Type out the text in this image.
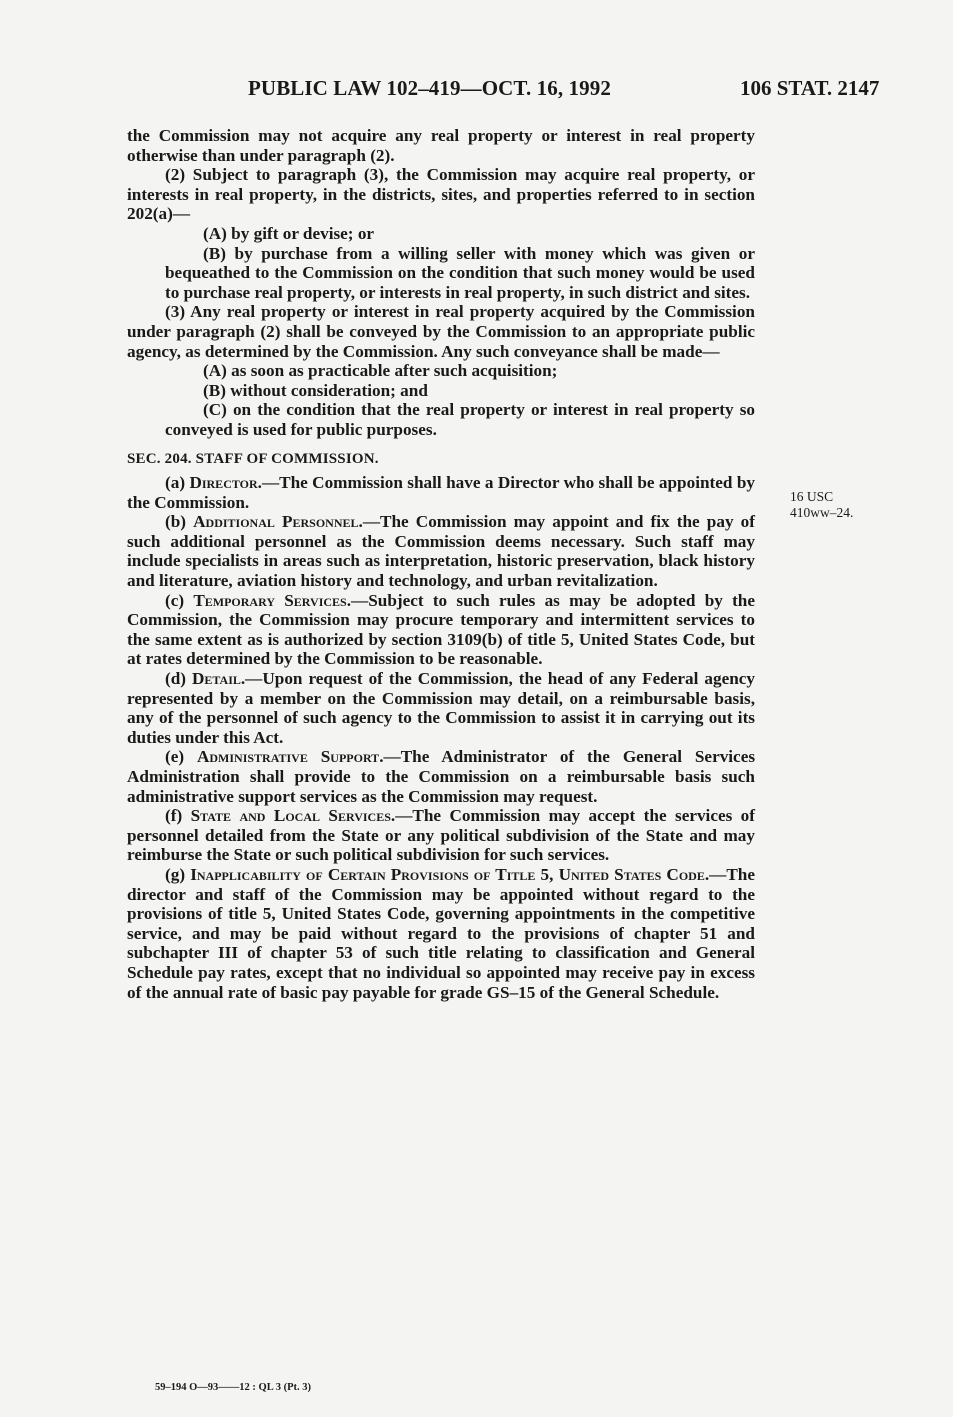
PUBLIC LAW 102–419—OCT. 16, 1992	106 STAT. 2147

the Commission may not acquire any real property or interest in real property otherwise than under paragraph (2).

(2) Subject to paragraph (3), the Commission may acquire real property, or interests in real property, in the districts, sites, and properties referred to in section 202(a)—

(A) by gift or devise; or

(B) by purchase from a willing seller with money which was given or bequeathed to the Commission on the condition that such money would be used to purchase real property, or interests in real property, in such district and sites.

(3) Any real property or interest in real property acquired by the Commission under paragraph (2) shall be conveyed by the Commission to an appropriate public agency, as determined by the Commission. Any such conveyance shall be made—

(A) as soon as practicable after such acquisition;

(B) without consideration; and

(C) on the condition that the real property or interest in real property so conveyed is used for public purposes.

SEC. 204. STAFF OF COMMISSION.

(a) Director.—The Commission shall have a Director who shall be appointed by the Commission.

(b) Additional Personnel.—The Commission may appoint and fix the pay of such additional personnel as the Commission deems necessary. Such staff may include specialists in areas such as interpretation, historic preservation, black history and literature, aviation history and technology, and urban revitalization.

(c) Temporary Services.—Subject to such rules as may be adopted by the Commission, the Commission may procure temporary and intermittent services to the same extent as is authorized by section 3109(b) of title 5, United States Code, but at rates determined by the Commission to be reasonable.

(d) Detail.—Upon request of the Commission, the head of any Federal agency represented by a member on the Commission may detail, on a reimbursable basis, any of the personnel of such agency to the Commission to assist it in carrying out its duties under this Act.

(e) Administrative Support.—The Administrator of the General Services Administration shall provide to the Commission on a reimbursable basis such administrative support services as the Commission may request.

(f) State and Local Services.—The Commission may accept the services of personnel detailed from the State or any political subdivision of the State and may reimburse the State or such political subdivision for such services.

(g) Inapplicability of Certain Provisions of Title 5, United States Code.—The director and staff of the Commission may be appointed without regard to the provisions of title 5, United States Code, governing appointments in the competitive service, and may be paid without regard to the provisions of chapter 51 and subchapter III of chapter 53 of such title relating to classification and General Schedule pay rates, except that no individual so appointed may receive pay in excess of the annual rate of basic pay payable for grade GS–15 of the General Schedule.

16 USC
410ww–24.
59–194 O—93——12 : QL 3 (Pt. 3)
